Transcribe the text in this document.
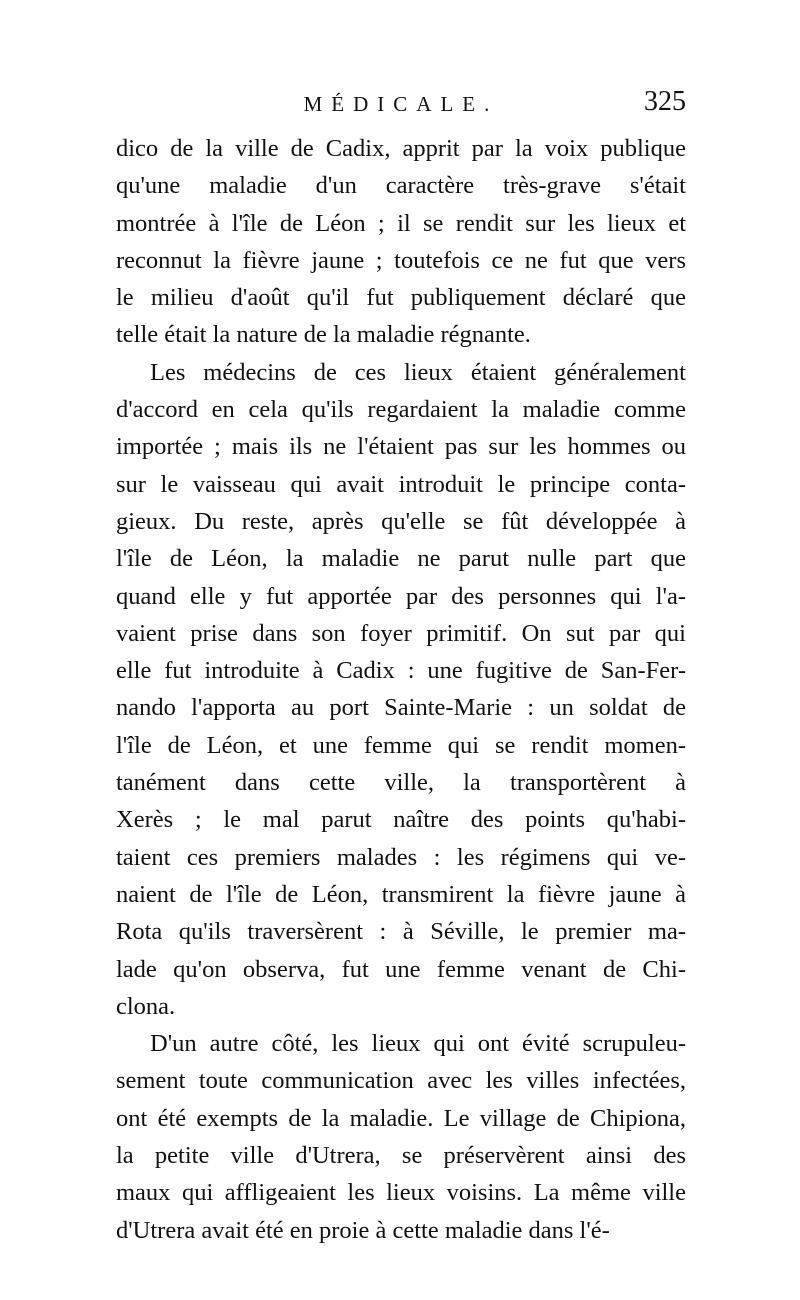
MÉDICALE.	325
dico de la ville de Cadix, apprit par la voix publique
qu'une maladie d'un caractère très-grave s'était
montrée à l'île de Léon ; il se rendit sur les lieux et
reconnut la fièvre jaune ; toutefois ce ne fut que vers
le milieu d'août qu'il fut publiquement déclaré que
telle était la nature de la maladie régnante.
Les médecins de ces lieux étaient généralement
d'accord en cela qu'ils regardaient la maladie comme
importée ; mais ils ne l'étaient pas sur les hommes ou
sur le vaisseau qui avait introduit le principe conta-
gieux. Du reste, après qu'elle se fût développée à
l'île de Léon, la maladie ne parut nulle part que
quand elle y fut apportée par des personnes qui l'a-
vaient prise dans son foyer primitif. On sut par qui
elle fut introduite à Cadix : une fugitive de San-Fer-
nando l'apporta au port Sainte-Marie : un soldat de
l'île de Léon, et une femme qui se rendit momen-
tanément dans cette ville, la transportèrent à
Xerès ; le mal parut naître des points qu'habi-
taient ces premiers malades : les régimens qui ve-
naient de l'île de Léon, transmirent la fièvre jaune à
Rota qu'ils traversèrent : à Séville, le premier ma-
lade qu'on observa, fut une femme venant de Chi-
clona.
D'un autre côté, les lieux qui ont évité scrupuleu-
sement toute communication avec les villes infectées,
ont été exempts de la maladie. Le village de Chipiona,
la petite ville d'Utrera, se préservèrent ainsi des
maux qui affligeaient les lieux voisins. La même ville
d'Utrera avait été en proie à cette maladie dans l'é-
